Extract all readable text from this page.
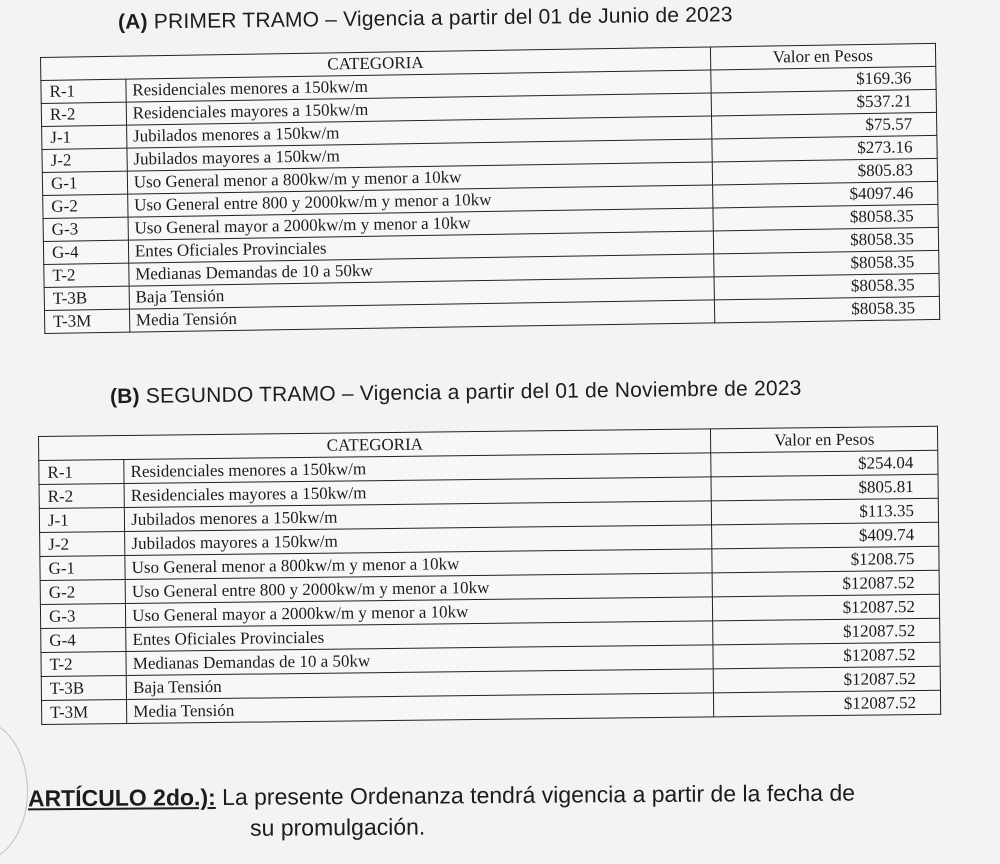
(A) PRIMER TRAMO – Vigencia a partir del 01 de Junio de 2023
CATEGORIA		Valor en Pesos
R-1	Residenciales menores a 150kw/m	$169.36
R-2	Residenciales mayores a 150kw/m	$537.21
J-1	Jubilados menores a 150kw/m	$75.57
J-2	Jubilados mayores a 150kw/m	$273.16
G-1	Uso General menor a 800kw/m y menor a 10kw	$805.83
G-2	Uso General entre 800 y 2000kw/m y menor a 10kw	$4097.46
G-3	Uso General mayor a 2000kw/m y menor a 10kw	$8058.35
G-4	Entes Oficiales Provinciales	$8058.35
T-2	Medianas Demandas de 10 a 50kw	$8058.35
T-3B	Baja Tensión	$8058.35
T-3M	Media Tensión	$8058.35
(B) SEGUNDO TRAMO – Vigencia a partir del 01 de Noviembre de 2023
CATEGORIA		Valor en Pesos
R-1	Residenciales menores a 150kw/m	$254.04
R-2	Residenciales mayores a 150kw/m	$805.81
J-1	Jubilados menores a 150kw/m	$113.35
J-2	Jubilados mayores a 150kw/m	$409.74
G-1	Uso General menor a 800kw/m y menor a 10kw	$1208.75
G-2	Uso General entre 800 y 2000kw/m y menor a 10kw	$12087.52
G-3	Uso General mayor a 2000kw/m y menor a 10kw	$12087.52
G-4	Entes Oficiales Provinciales	$12087.52
T-2	Medianas Demandas de 10 a 50kw	$12087.52
T-3B	Baja Tensión	$12087.52
T-3M	Media Tensión	$12087.52
ARTÍCULO 2do.): La presente Ordenanza tendrá vigencia a partir de la fecha de
su promulgación.
